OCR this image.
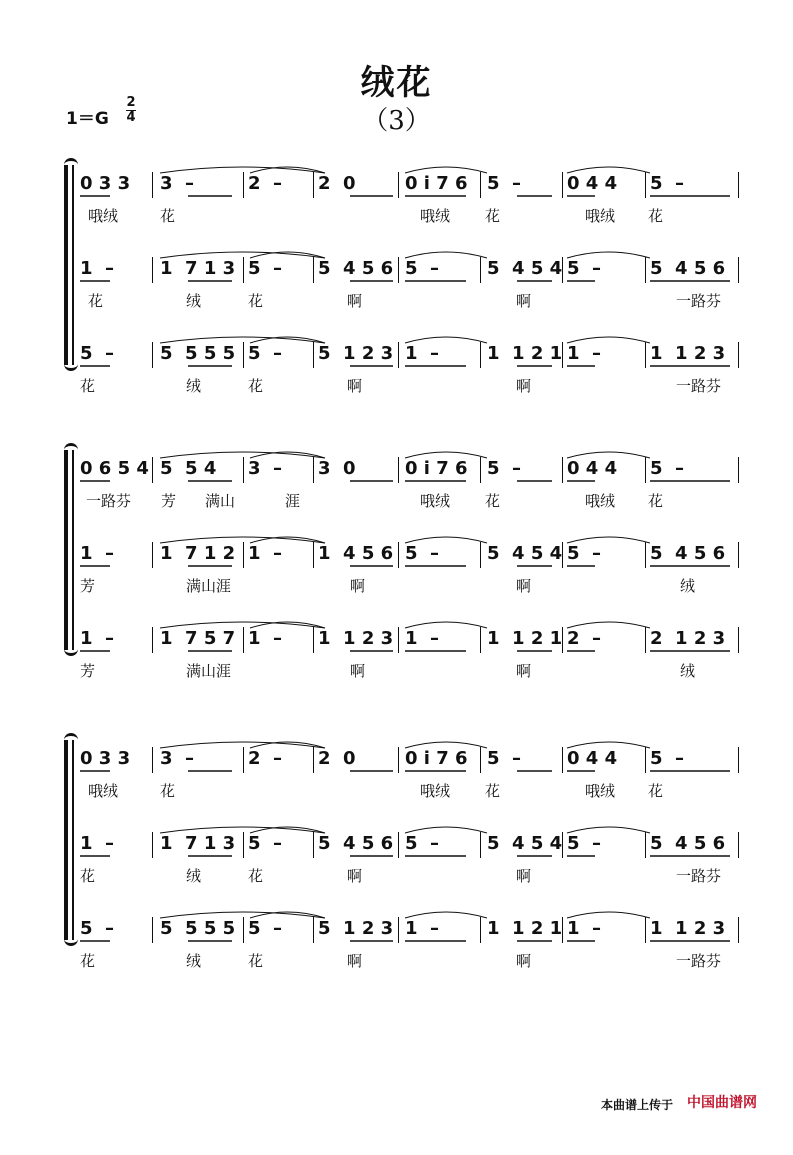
绒花
（3）
$1=G \frac{2}{4}$
0 3 3	3  –	2  –	2  0	0 i 7 6	5  –	0 4 4	5  –
哦绒	花	哦绒 花	哦绒 花
1  –	1  7 1 3 5  –	5  4 5 6 5  –	5  4 5 4 5  –	5  4 5 6
花	绒	花	啊	啊	一路芬
5  –	5  5 5 5 5  –	5  1 2 3 1  –	1  1 2 1 1  –	1  1 2 3
花	绒	花	啊	啊	一路芬
0 6 5 4 5  5 4	3  –	3  0	0 i 7 6	5  –	0 4 4	5  –
一路芬 芳 满山	涯	哦绒 花	哦绒 花
1  –	1  7 1 2 1  –	1  4 5 6 5  –	5  4 5 4 5  –	5  4 5 6
芳	满山涯	啊	啊	绒
1  –	1  7 5 7 1  –	1  1 2 3 1  –	1  1 2 1 2  –	2  1 2 3
芳	满山涯	啊	啊	绒
0 3 3	3  –	2  –	2  0	0 i 7 6	5  –	0 4 4	5  –
哦绒	花	哦绒 花	哦绒 花
1  –	1  7 1 3 5  –	5  4 5 6 5  –	5  4 5 4 5  –	5  4 5 6
花	绒	花	啊	啊	一路芬
5  –	5  5 5 5 5  –	5  1 2 3 1  –	1  1 2 1 1  –	1  1 2 3
花	绒	花	啊	啊	一路芬
本曲谱上传于 中国曲谱网
